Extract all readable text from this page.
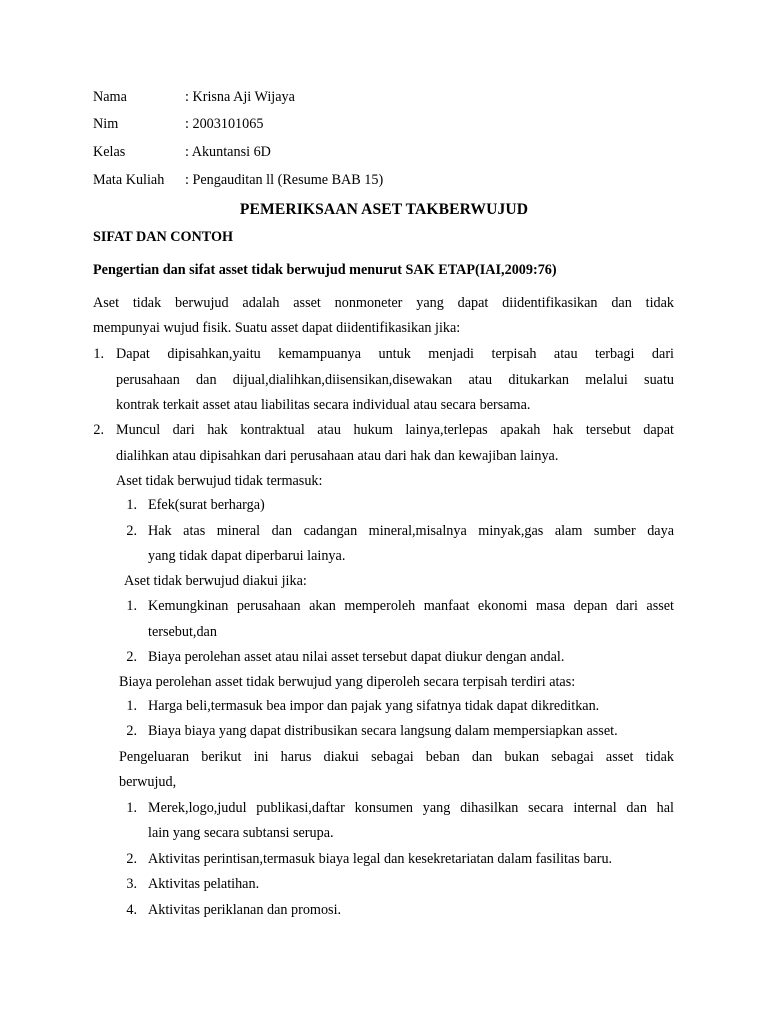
Nama	: Krisna Aji Wijaya
Nim	: 2003101065
Kelas	: Akuntansi 6D
Mata Kuliah : Pengauditan ll (Resume BAB 15)
PEMERIKSAAN ASET TAKBERWUJUD
SIFAT DAN CONTOH
Pengertian dan sifat asset tidak berwujud menurut SAK ETAP(IAI,2009:76)
Aset tidak berwujud adalah asset nonmoneter yang dapat diidentifikasikan dan tidak
mempunyai wujud fisik. Suatu asset dapat diidentifikasikan jika:
1. Dapat dipisahkan,yaitu kemampuanya untuk menjadi terpisah atau terbagi dari
perusahaan dan dijual,dialihkan,diisensikan,disewakan atau ditukarkan melalui suatu
kontrak terkait asset atau liabilitas secara individual atau secara bersama.
2. Muncul dari hak kontraktual atau hukum lainya,terlepas apakah hak tersebut dapat
dialihkan atau dipisahkan dari perusahaan atau dari hak dan kewajiban lainya.
Aset tidak berwujud tidak termasuk:
1. Efek(surat berharga)
2. Hak atas mineral dan cadangan mineral,misalnya minyak,gas alam sumber daya
yang tidak dapat diperbarui lainya.
Aset tidak berwujud diakui jika:
1. Kemungkinan perusahaan akan memperoleh manfaat ekonomi masa depan dari asset
tersebut,dan
2. Biaya perolehan asset atau nilai asset tersebut dapat diukur dengan andal.
Biaya perolehan asset tidak berwujud yang diperoleh secara terpisah terdiri atas:
1. Harga beli,termasuk bea impor dan pajak yang sifatnya tidak dapat dikreditkan.
2. Biaya biaya yang dapat distribusikan secara langsung dalam mempersiapkan asset.
Pengeluaran berikut ini harus diakui sebagai beban dan bukan sebagai asset tidak
berwujud,
1. Merek,logo,judul publikasi,daftar konsumen yang dihasilkan secara internal dan hal
lain yang secara subtansi serupa.
2. Aktivitas perintisan,termasuk biaya legal dan kesekretariatan dalam fasilitas baru.
3. Aktivitas pelatihan.
4. Aktivitas periklanan dan promosi.
